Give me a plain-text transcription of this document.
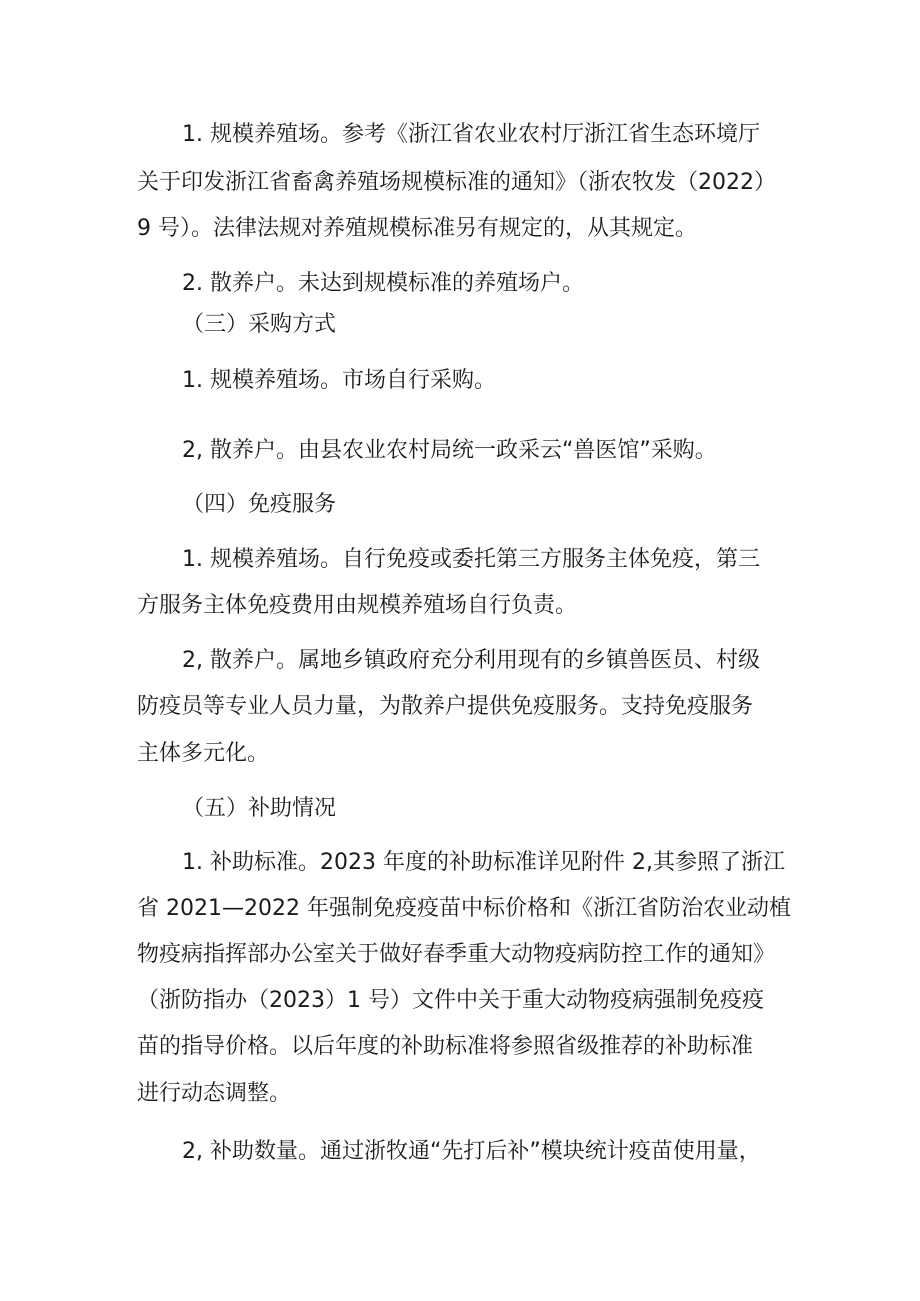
1. 规模养殖场。参考《浙江省农业农村厅浙江省生态环境厅
关于印发浙江省畜禽养殖场规模标准的通知》（浙农牧发（2022）
9 号）。法律法规对养殖规模标准另有规定的，从其规定。
2. 散养户。未达到规模标准的养殖场户。
（三）采购方式
1. 规模养殖场。市场自行采购。
2, 散养户。由县农业农村局统一政采云“兽医馆”采购。
（四）免疫服务
1. 规模养殖场。自行免疫或委托第三方服务主体免疫，第三
方服务主体免疫费用由规模养殖场自行负责。
2, 散养户。属地乡镇政府充分利用现有的乡镇兽医员、村级
防疫员等专业人员力量，为散养户提供免疫服务。支持免疫服务
主体多元化。
（五）补助情况
1. 补助标准。2023 年度的补助标准详见附件 2,其参照了浙江
省 2021—2022 年强制免疫疫苗中标价格和《浙江省防治农业动植
物疫病指挥部办公室关于做好春季重大动物疫病防控工作的通知》
（浙防指办（2023）1 号）文件中关于重大动物疫病强制免疫疫
苗的指导价格。以后年度的补助标准将参照省级推荐的补助标准
进行动态调整。
2, 补助数量。通过浙牧通“先打后补”模块统计疫苗使用量，
